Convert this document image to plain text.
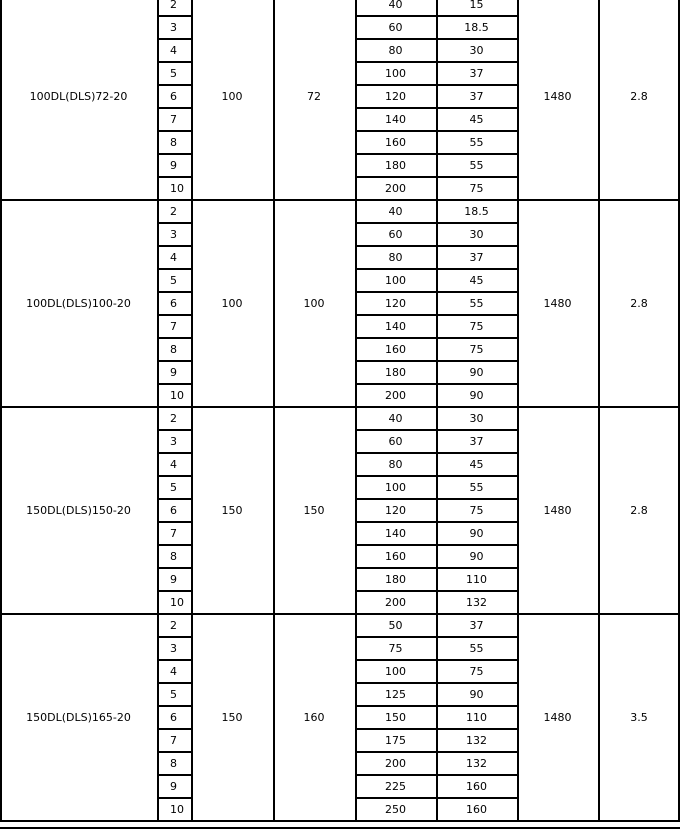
100DL(DLS)72-20	100	72	1480	2.8
2	40	15
3	60	18.5
4	80	30
5	100	37
6	120	37
7	140	45
8	160	55
9	180	55
10	200	75
100DL(DLS)100-20	100	100	1480	2.8
2	40	18.5
3	60	30
4	80	37
5	100	45
6	120	55
7	140	75
8	160	75
9	180	90
10	200	90
150DL(DLS)150-20	150	150	1480	2.8
2	40	30
3	60	37
4	80	45
5	100	55
6	120	75
7	140	90
8	160	90
9	180	110
10	200	132
150DL(DLS)165-20	150	160	1480	3.5
2	50	37
3	75	55
4	100	75
5	125	90
6	150	110
7	175	132
8	200	132
9	225	160
10	250	160
